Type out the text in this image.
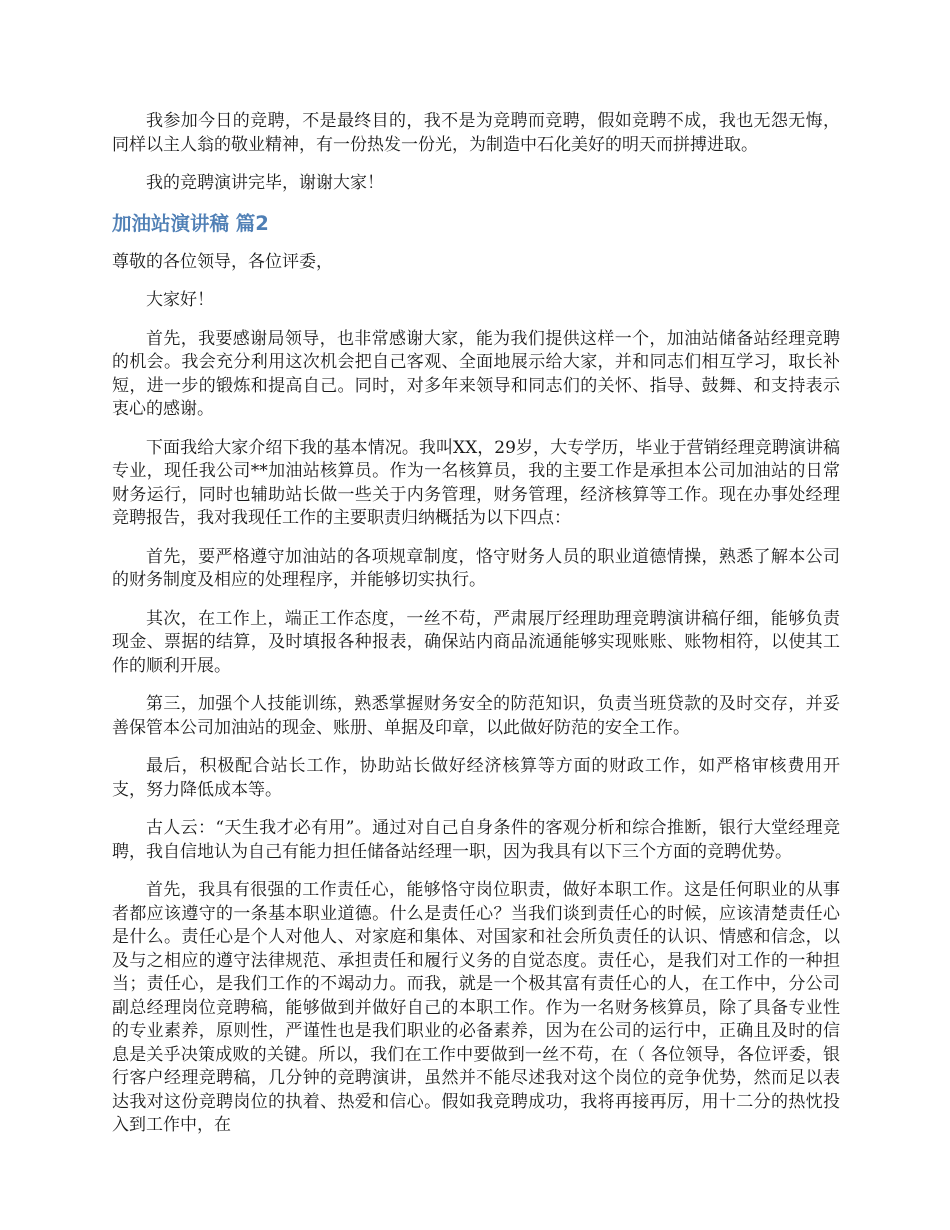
我参加今日的竞聘，不是最终目的，我不是为竞聘而竞聘，假如竞聘不成，我也无怨无悔，同样以主人翁的敬业精神，有一份热发一份光，为制造中石化美好的明天而拼搏进取。

我的竞聘演讲完毕，谢谢大家！

加油站演讲稿 篇2

尊敬的各位领导，各位评委，

大家好！

首先，我要感谢局领导，也非常感谢大家，能为我们提供这样一个，加油站储备站经理竞聘的机会。我会充分利用这次机会把自己客观、全面地展示给大家，并和同志们相互学习，取长补短，进一步的锻炼和提高自己。同时，对多年来领导和同志们的关怀、指导、鼓舞、和支持表示衷心的感谢。

下面我给大家介绍下我的基本情况。我叫XX，29岁，大专学历，毕业于营销经理竞聘演讲稿专业，现任我公司**加油站核算员。作为一名核算员，我的主要工作是承担本公司加油站的日常财务运行，同时也辅助站长做一些关于内务管理，财务管理，经济核算等工作。现在办事处经理竞聘报告，我对我现任工作的主要职责归纳概括为以下四点：

首先，要严格遵守加油站的各项规章制度，恪守财务人员的职业道德情操，熟悉了解本公司的财务制度及相应的处理程序，并能够切实执行。

其次，在工作上，端正工作态度，一丝不苟，严肃展厅经理助理竞聘演讲稿仔细，能够负责现金、票据的结算，及时填报各种报表，确保站内商品流通能够实现账账、账物相符，以使其工作的顺利开展。

第三，加强个人技能训练，熟悉掌握财务安全的防范知识，负责当班贷款的及时交存，并妥善保管本公司加油站的现金、账册、单据及印章，以此做好防范的安全工作。

最后，积极配合站长工作，协助站长做好经济核算等方面的财政工作，如严格审核费用开支，努力降低成本等。

古人云：“天生我才必有用”。通过对自己自身条件的客观分析和综合推断，银行大堂经理竞聘，我自信地认为自己有能力担任储备站经理一职，因为我具有以下三个方面的竞聘优势。

首先，我具有很强的工作责任心，能够恪守岗位职责，做好本职工作。这是任何职业的从事者都应该遵守的一条基本职业道德。什么是责任心？当我们谈到责任心的时候，应该清楚责任心是什么。责任心是个人对他人、对家庭和集体、对国家和社会所负责任的认识、情感和信念，以及与之相应的遵守法律规范、承担责任和履行义务的自觉态度。责任心，是我们对工作的一种担当；责任心，是我们工作的不竭动力。而我，就是一个极其富有责任心的人，在工作中，分公司副总经理岗位竞聘稿，能够做到并做好自己的本职工作。作为一名财务核算员，除了具备专业性的专业素养，原则性，严谨性也是我们职业的必备素养，因为在公司的运行中，正确且及时的信息是关乎决策成败的关键。所以，我们在工作中要做到一丝不苟，在（ 各位领导，各位评委，银行客户经理竞聘稿，几分钟的竞聘演讲，虽然并不能尽述我对这个岗位的竞争优势，然而足以表达我对这份竞聘岗位的执着、热爱和信心。假如我竞聘成功，我将再接再厉，用十二分的热忱投入到工作中，在
